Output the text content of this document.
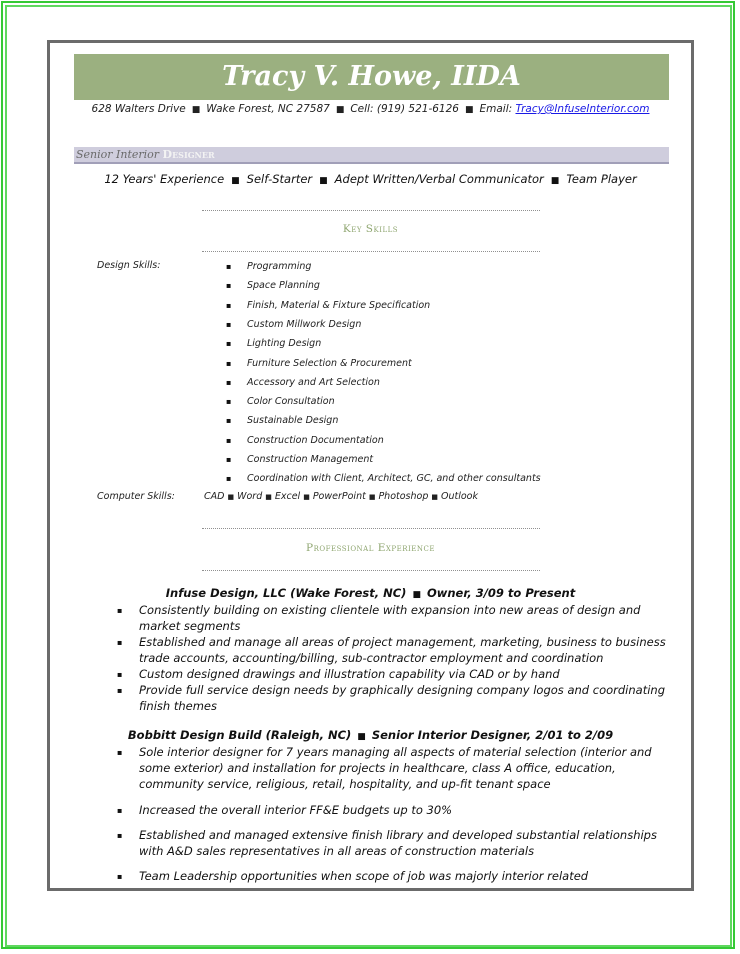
Tracy V. Howe, IIDA
628 Walters Drive ■ Wake Forest, NC 27587 ■ Cell: (919) 521-6126 ■ Email: Tracy@InfuseInterior.com
Senior Interior Designer
12 Years' Experience ■ Self-Starter ■ Adept Written/Verbal Communicator ■ Team Player
Key Skills
Design Skills:	▪ Programming
▪ Space Planning
▪ Finish, Material & Fixture Specification
▪ Custom Millwork Design
▪ Lighting Design
▪ Furniture Selection & Procurement
▪ Accessory and Art Selection
▪ Color Consultation
▪ Sustainable Design
▪ Construction Documentation
▪ Construction Management
▪ Coordination with Client, Architect, GC, and other consultants
Computer Skills:	CAD ■ Word ■ Excel ■ PowerPoint ■ Photoshop ■ Outlook
Professional Experience
Infuse Design, LLC (Wake Forest, NC) ■ Owner, 3/09 to Present
▪ Consistently building on existing clientele with expansion into new areas of design and market segments
▪ Established and manage all areas of project management, marketing, business to business trade accounts, accounting/billing, sub-contractor employment and coordination
▪ Custom designed drawings and illustration capability via CAD or by hand
▪ Provide full service design needs by graphically designing company logos and coordinating finish themes
Bobbitt Design Build (Raleigh, NC) ■ Senior Interior Designer, 2/01 to 2/09
▪ Sole interior designer for 7 years managing all aspects of material selection (interior and some exterior) and installation for projects in healthcare, class A office, education, community service, religious, retail, hospitality, and up-fit tenant space
▪ Increased the overall interior FF&E budgets up to 30%
▪ Established and managed extensive finish library and developed substantial relationships with A&D sales representatives in all areas of construction materials
▪ Team Leadership opportunities when scope of job was majorly interior related
